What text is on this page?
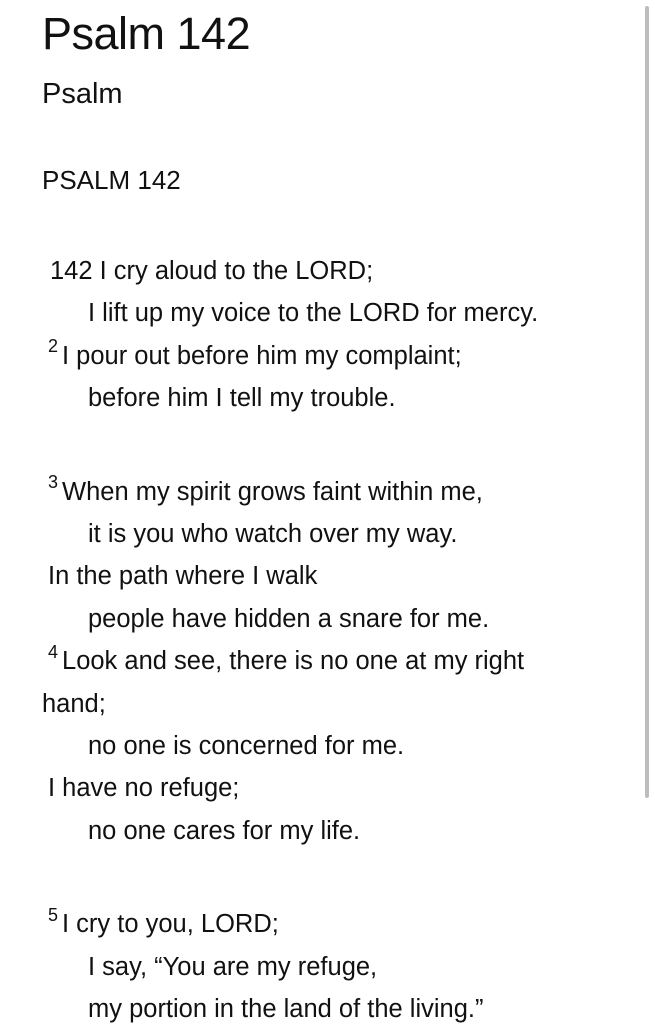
Psalm 142
Psalm
PSALM 142
142 I cry aloud to the LORD;
I lift up my voice to the LORD for mercy.
$^2$ I pour out before him my complaint;
before him I tell my trouble.
$^3$ When my spirit grows faint within me,
it is you who watch over my way.
In the path where I walk
people have hidden a snare for me.
$^4$ Look and see, there is no one at my right
hand;
no one is concerned for me.
I have no refuge;
no one cares for my life.
$^5$ I cry to you, LORD;
I say, “You are my refuge,
my portion in the land of the living.”
